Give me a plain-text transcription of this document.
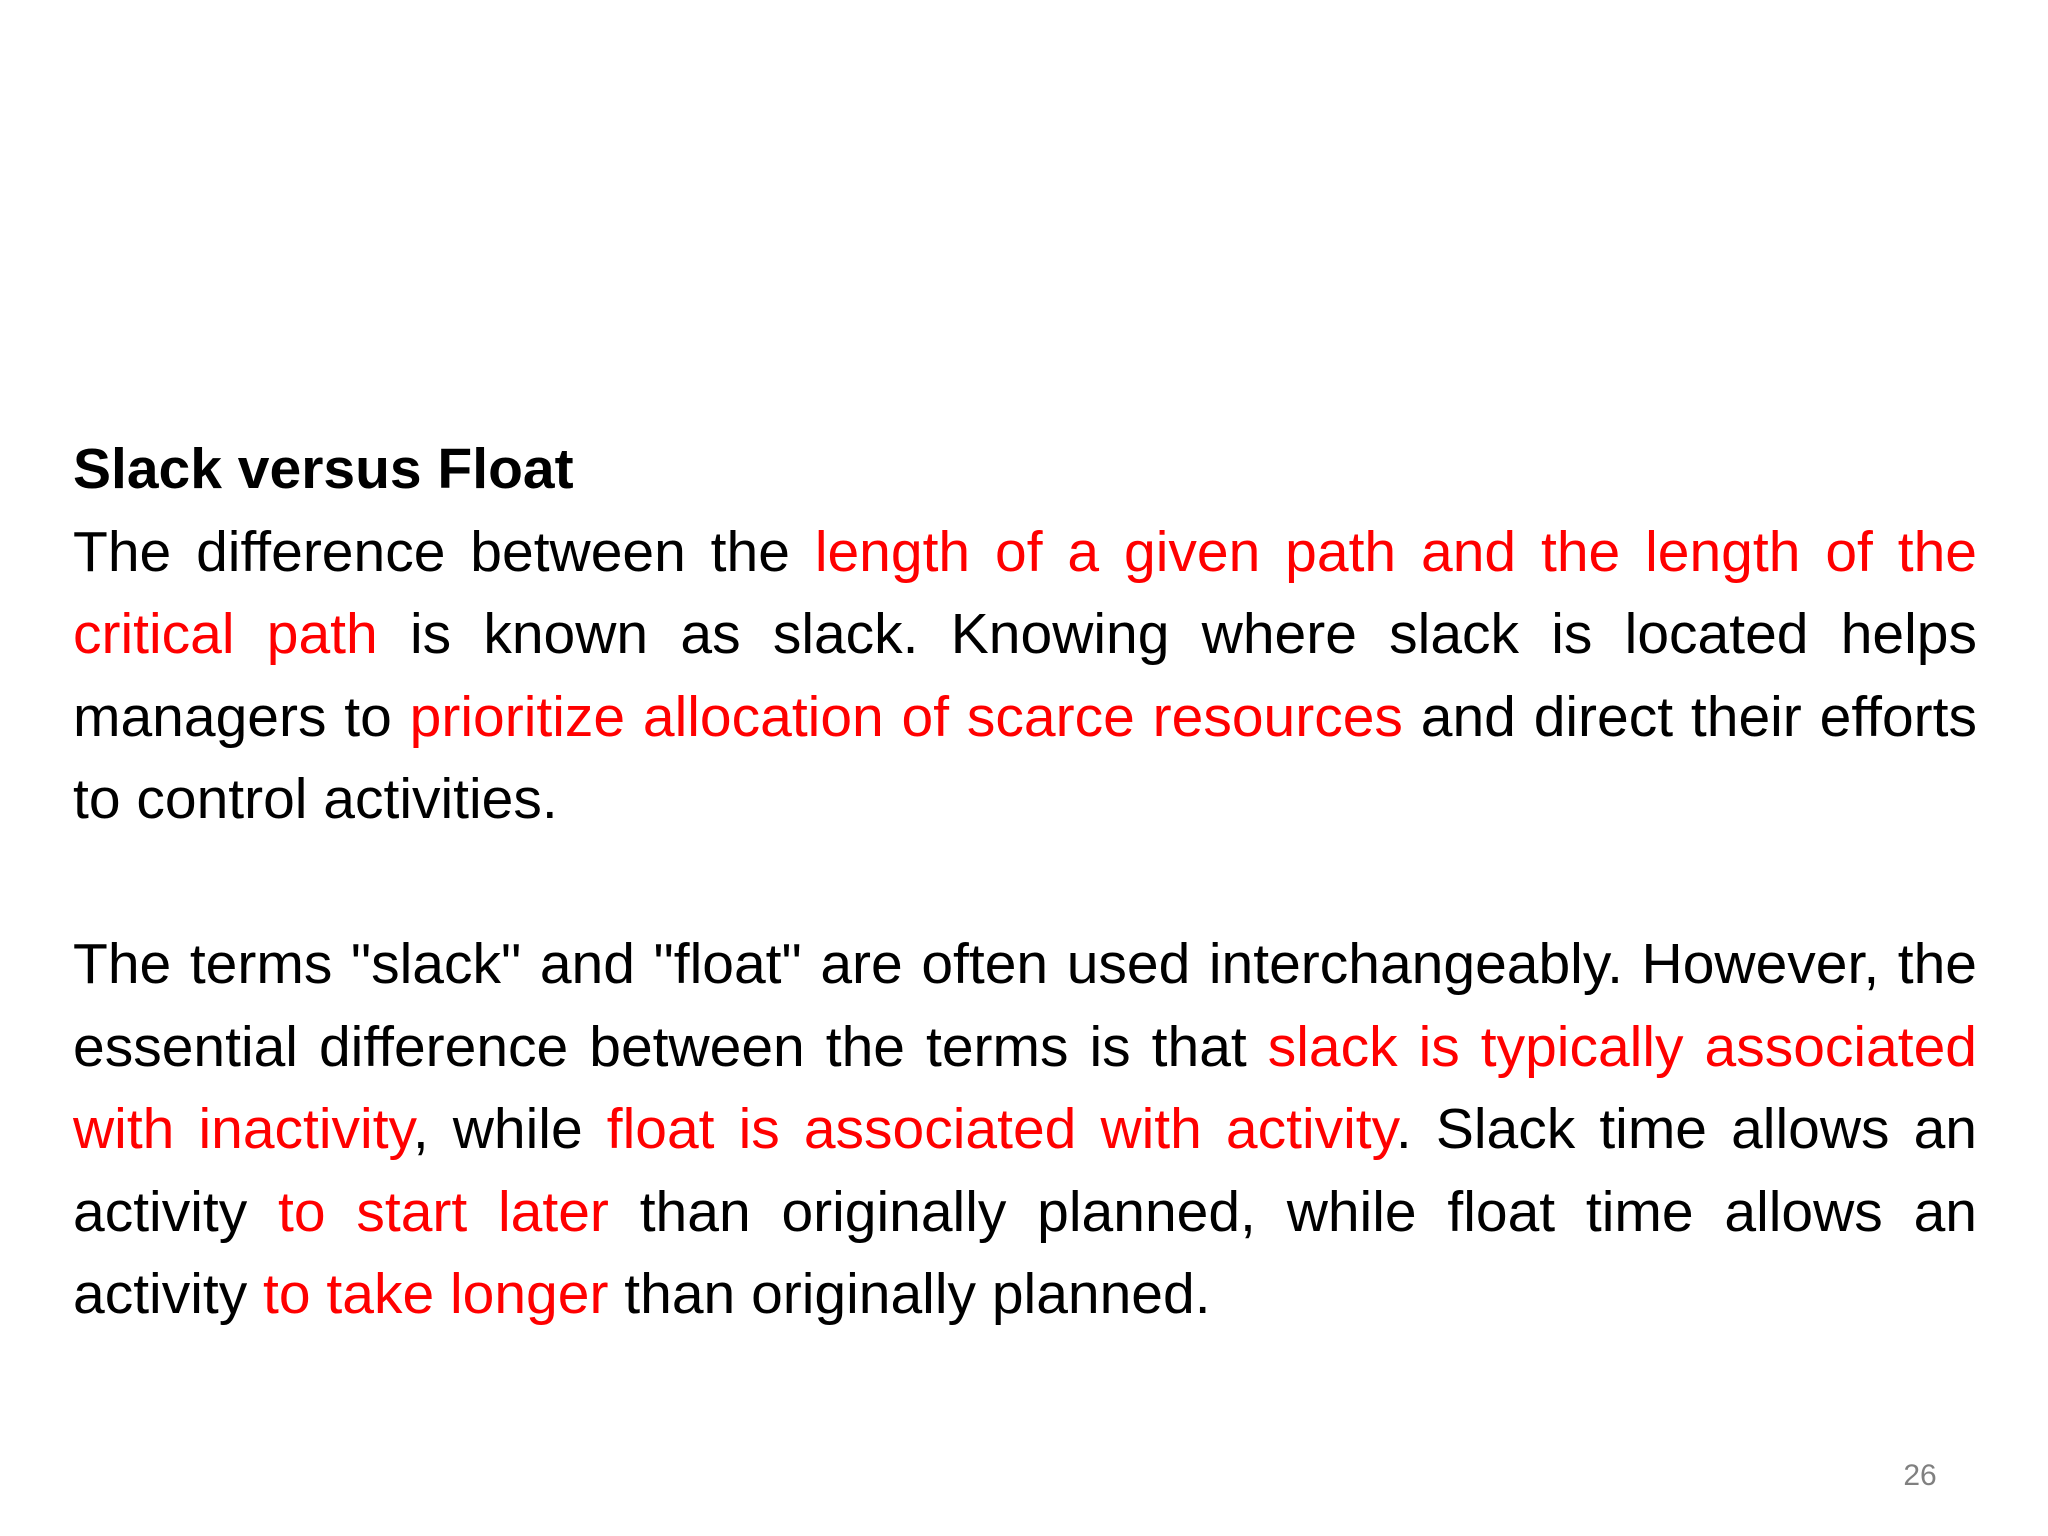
Slack versus Float

The difference between the length of a given path and the length of the critical path is known as slack. Knowing where slack is located helps managers to prioritize allocation of scarce resources and direct their efforts to control activities.

The terms "slack" and "float" are often used interchangeably. However, the essential difference between the terms is that slack is typically associated with inactivity, while float is associated with activity. Slack time allows an activity to start later than originally planned, while float time allows an activity to take longer than originally planned.

26
